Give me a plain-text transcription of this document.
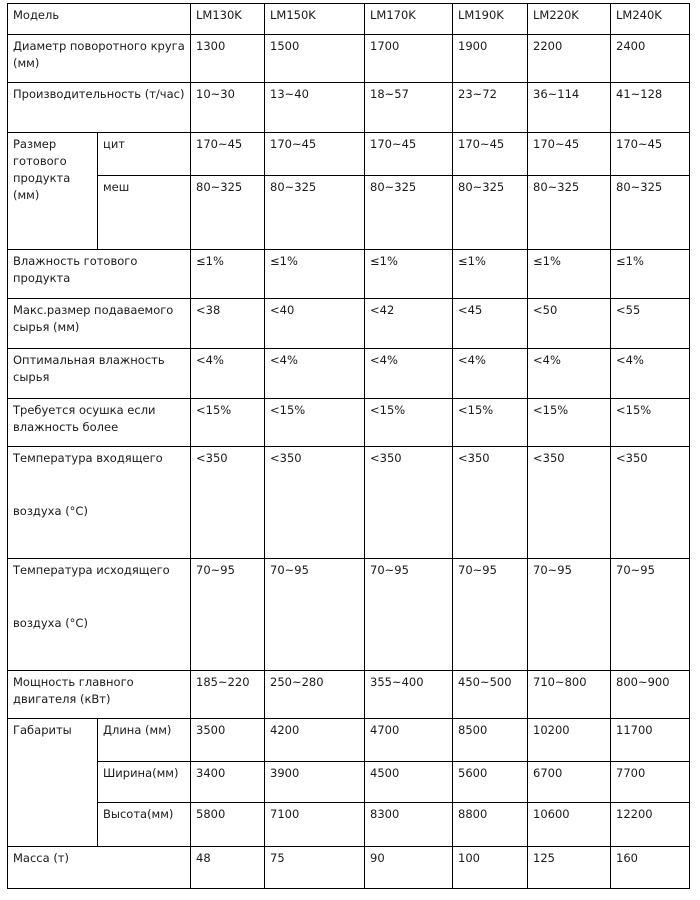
Модель		LM130K	LM150K	LM170K	LM190K	LM220K	LM240K
Диаметр поворотного круга (мм)		1300	1500	1700	1900	2200	2400
Производительность (т/час)		10~30	13~40	18~57	23~72	36~114	41~128
Размер готового продукта (мм)	цит	170~45	170~45	170~45	170~45	170~45	170~45
	меш	80~325	80~325	80~325	80~325	80~325	80~325
Влажность готового продукта		≤1%	≤1%	≤1%	≤1%	≤1%	≤1%
Макс.размер подаваемого сырья (мм)		<38	<40	<42	<45	<50	<55
Оптимальная влажность сырья		<4%	<4%	<4%	<4%	<4%	<4%
Требуется осушка если влажность более		<15%	<15%	<15%	<15%	<15%	<15%

Температура входящего
воздуха (°C)		<350	<350	<350	<350	<350	<350

Температура исходящего
воздуха (°C)		70~95	70~95	70~95	70~95	70~95	70~95
Мощность главного двигателя (кВт)		185~220	250~280	355~400	450~500	710~800	800~900
Габариты	Длина (мм)	3500	4200	4700	8500	10200	11700
	Ширина(мм)	3400	3900	4500	5600	6700	7700
	Высота(мм)	5800	7100	8300	8800	10600	12200
Масса (т)		48	75	90	100	125	160
